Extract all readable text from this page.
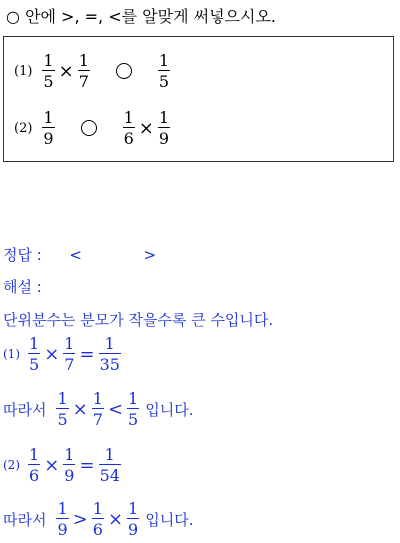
○ 안에 >, =, <를 알맞게 써넣으시오.
$(1) \frac{1}{5} \times \frac{1}{7}$	$\frac{1}{5}$
$(2) \frac{1}{9}$	$\frac{1}{6} \times \frac{1}{9}$
정답 : <	>
해설 :
단위분수는 분모가 작을수록 큰 수입니다.
$(1) \frac{1}{5} \times \frac{1}{7} = \frac{1}{35}$
따라서 $\frac{1}{5} \times \frac{1}{7} < \frac{1}{5}$ 입니다.
$(2) \frac{1}{6} \times \frac{1}{9} = \frac{1}{54}$
따라서 $\frac{1}{9} > \frac{1}{6} \times \frac{1}{9}$ 입니다.
